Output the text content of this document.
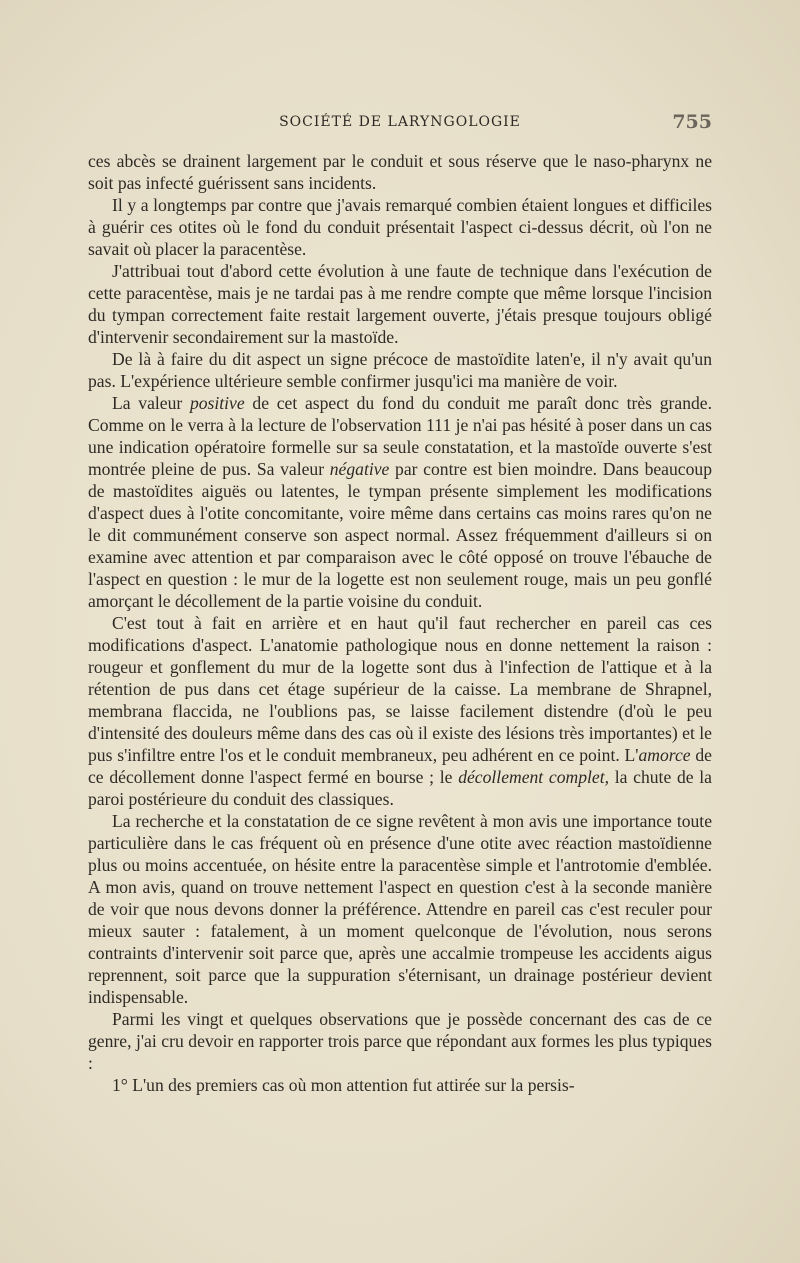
SOCIÉTÉ DE LARYNGOLOGIE	755

ces abcès se drainent largement par le conduit et sous réserve que le naso-pharynx ne soit pas infecté guérissent sans incidents.

Il y a longtemps par contre que j'avais remarqué combien étaient longues et difficiles à guérir ces otites où le fond du conduit présentait l'aspect ci-dessus décrit, où l'on ne savait où placer la paracentèse.

J'attribuai tout d'abord cette évolution à une faute de technique dans l'exécution de cette paracentèse, mais je ne tardai pas à me rendre compte que même lorsque l'incision du tympan correctement faite restait largement ouverte, j'étais presque toujours obligé d'intervenir secondairement sur la mastoïde.

De là à faire du dit aspect un signe précoce de mastoïdite laten'e, il n'y avait qu'un pas. L'expérience ultérieure semble confirmer jusqu'ici ma manière de voir.

La valeur positive de cet aspect du fond du conduit me paraît donc très grande. Comme on le verra à la lecture de l'observation 111 je n'ai pas hésité à poser dans un cas une indication opératoire formelle sur sa seule constatation, et la mastoïde ouverte s'est montrée pleine de pus. Sa valeur négative par contre est bien moindre. Dans beaucoup de mastoïdites aiguës ou latentes, le tympan présente simplement les modifications d'aspect dues à l'otite concomitante, voire même dans certains cas moins rares qu'on ne le dit communément conserve son aspect normal. Assez fréquemment d'ailleurs si on examine avec attention et par comparaison avec le côté opposé on trouve l'ébauche de l'aspect en question : le mur de la logette est non seulement rouge, mais un peu gonflé amorçant le décollement de la partie voisine du conduit.

C'est tout à fait en arrière et en haut qu'il faut rechercher en pareil cas ces modifications d'aspect. L'anatomie pathologique nous en donne nettement la raison : rougeur et gonflement du mur de la logette sont dus à l'infection de l'attique et à la rétention de pus dans cet étage supérieur de la caisse. La membrane de Shrapnel, membrana flaccida, ne l'oublions pas, se laisse facilement distendre (d'où le peu d'intensité des douleurs même dans des cas où il existe des lésions très importantes) et le pus s'infiltre entre l'os et le conduit membraneux, peu adhérent en ce point. L'amorce de ce décollement donne l'aspect fermé en bourse ; le décollement complet, la chute de la paroi postérieure du conduit des classiques.

La recherche et la constatation de ce signe revêtent à mon avis une importance toute particulière dans le cas fréquent où en présence d'une otite avec réaction mastoïdienne plus ou moins accentuée, on hésite entre la paracentèse simple et l'antrotomie d'emblée. A mon avis, quand on trouve nettement l'aspect en question c'est à la seconde manière de voir que nous devons donner la préférence. Attendre en pareil cas c'est reculer pour mieux sauter : fatalement, à un moment quelconque de l'évolution, nous serons contraints d'intervenir soit parce que, après une accalmie trompeuse les accidents aigus reprennent, soit parce que la suppuration s'éternisant, un drainage postérieur devient indispensable.

Parmi les vingt et quelques observations que je possède concernant des cas de ce genre, j'ai cru devoir en rapporter trois parce que répondant aux formes les plus typiques :

1° L'un des premiers cas où mon attention fut attirée sur la persis-
